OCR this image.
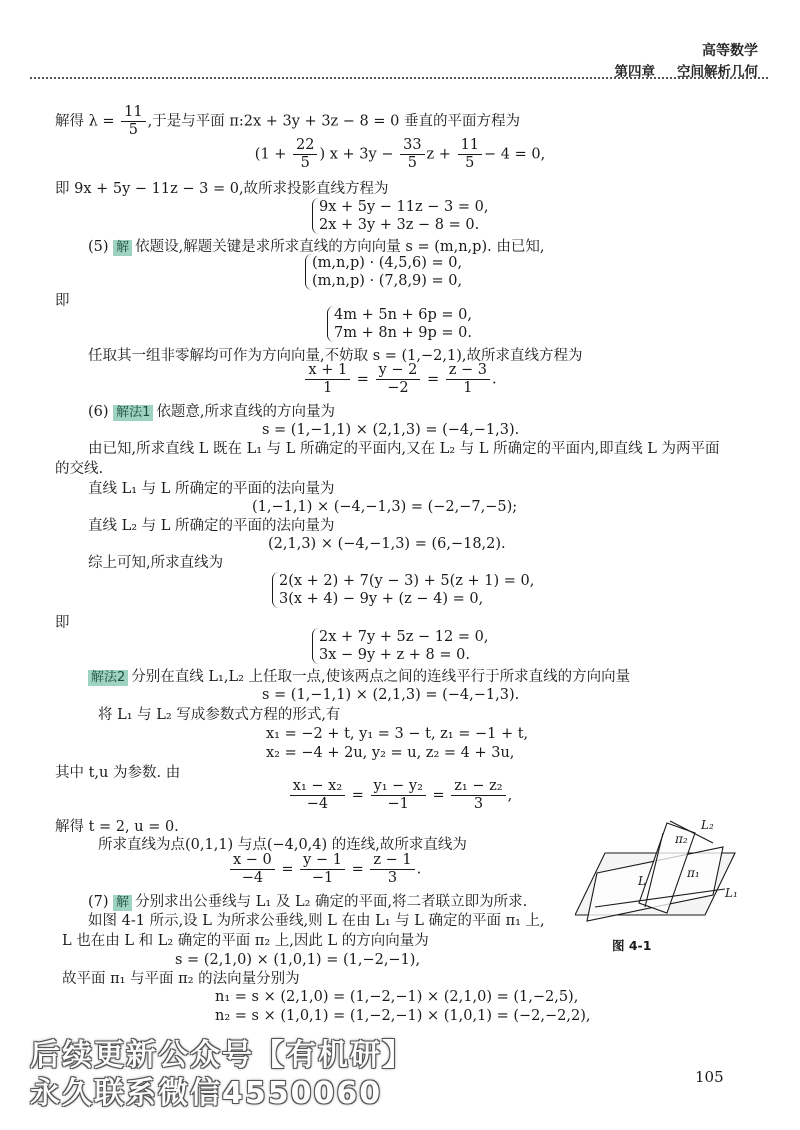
高等数学
第四章 空间解析几何
解得 $\lambda = \frac{11}{5}$ ,于是与平面 π:2x + 3y + 3z − 8 = 0 垂直的平面方程为
($1 + \frac{22}{5}$ ) $x + 3y - \frac{33}{5}$ $z + \frac{11}{5} - 4 = 0$,
即 9x + 5y − 11z − 3 = 0,故所求投影直线方程为
9x + 5y − 11z − 3 = 0,
2x + 3y + 3z − 8 = 0.
(5) 解 依题设,解题关键是求所求直线的方向向量 s = (m,n,p). 由已知,
(m,n,p) · (4,5,6) = 0,
(m,n,p) · (7,8,9) = 0,
即
4m + 5n + 6p = 0,
7m + 8n + 9p = 0.
任取其一组非零解均可作为方向向量,不妨取 s = (1,−2,1),故所求直线方程为
$\frac{x + 1}{1} = \frac{y - 2}{-2} = \frac{z - 3}{1}$ .
(6) 解法1 依题意,所求直线的方向量为
s = (1,−1,1) × (2,1,3) = (−4,−1,3).
由已知,所求直线 L 既在 L₁ 与 L 所确定的平面内,又在 L₂ 与 L 所确定的平面内,即直线 L 为两平面
的交线.
直线 L₁ 与 L 所确定的平面的法向量为
(1,−1,1) × (−4,−1,3) = (−2,−7,−5);
直线 L₂ 与 L 所确定的平面的法向量为
(2,1,3) × (−4,−1,3) = (6,−18,2).
综上可知,所求直线为
2(x + 2) + 7(y − 3) + 5(z + 1) = 0,
3(x + 4) − 9y + (z − 4) = 0,
即
2x + 7y + 5z − 12 = 0,
3x − 9y + z + 8 = 0.
解法2 分别在直线 L₁,L₂ 上任取一点,使该两点之间的连线平行于所求直线的方向向量
s = (1,−1,1) × (2,1,3) = (−4,−1,3).
将 L₁ 与 L₂ 写成参数式方程的形式,有
x₁ = −2 + t, y₁ = 3 − t, z₁ = −1 + t,
x₂ = −4 + 2u, y₂ = u, z₂ = 4 + 3u,
其中 t,u 为参数. 由
$\frac{\text{x₁ − x₂}}{-4} = \frac{\text{y₁ − y₂}}{-1} = \frac{\text{z₁ − z₂}}{3}$ ,
解得 t = 2, u = 0.
所求直线为点(0,1,1) 与点(−4,0,4) 的连线,故所求直线为
$\frac{x - 0}{-4} = \frac{y - 1}{-1} = \frac{z - 1}{3}$ .
(7) 解 分别求出公垂线与 L₁ 及 L₂ 确定的平面,将二者联立即为所求.
如图 4-1 所示,设 L 为所求公垂线,则 L 在由 L₁ 与 L 确定的平面 π₁ 上,
L 也在由 L 和 L₂ 确定的平面 π₂ 上,因此 L 的方向向量为
s = (2,1,0) × (1,0,1) = (1,−2,−1),
故平面 π₁ 与平面 π₂ 的法向量分别为
n₁ = s × (2,1,0) = (1,−2,−1) × (2,1,0) = (1,−2,5),
n₂ = s × (1,0,1) = (1,−2,−1) × (1,0,1) = (−2,−2,2),
L
L₁
L₂
π₁
π₂
图 4-1
105
后续更新公众号【有机研】
永久联系微信4550060
